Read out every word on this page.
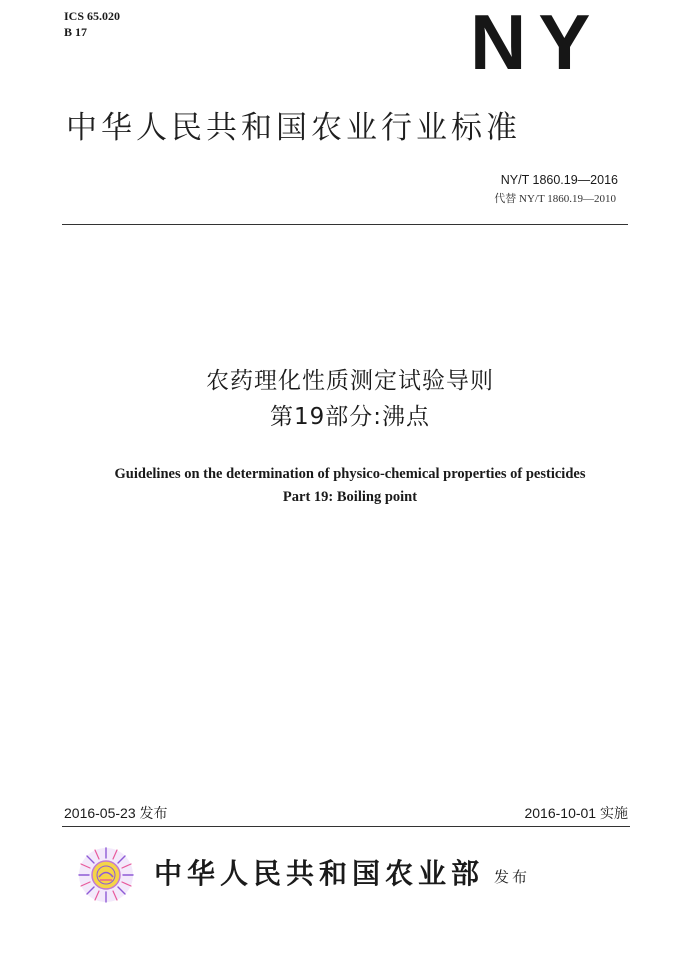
ICS 65.020
B 17	NY
中华人民共和国农业行业标准
NY/T 1860.19—2016
代替 NY/T 1860.19—2010
农药理化性质测定试验导则
第19部分:沸点
Guidelines on the determination of physico-chemical properties of pesticides
Part 19: Boiling point
2016-05-23 发布	2016-10-01 实施
中华人民共和国农业部 发布
